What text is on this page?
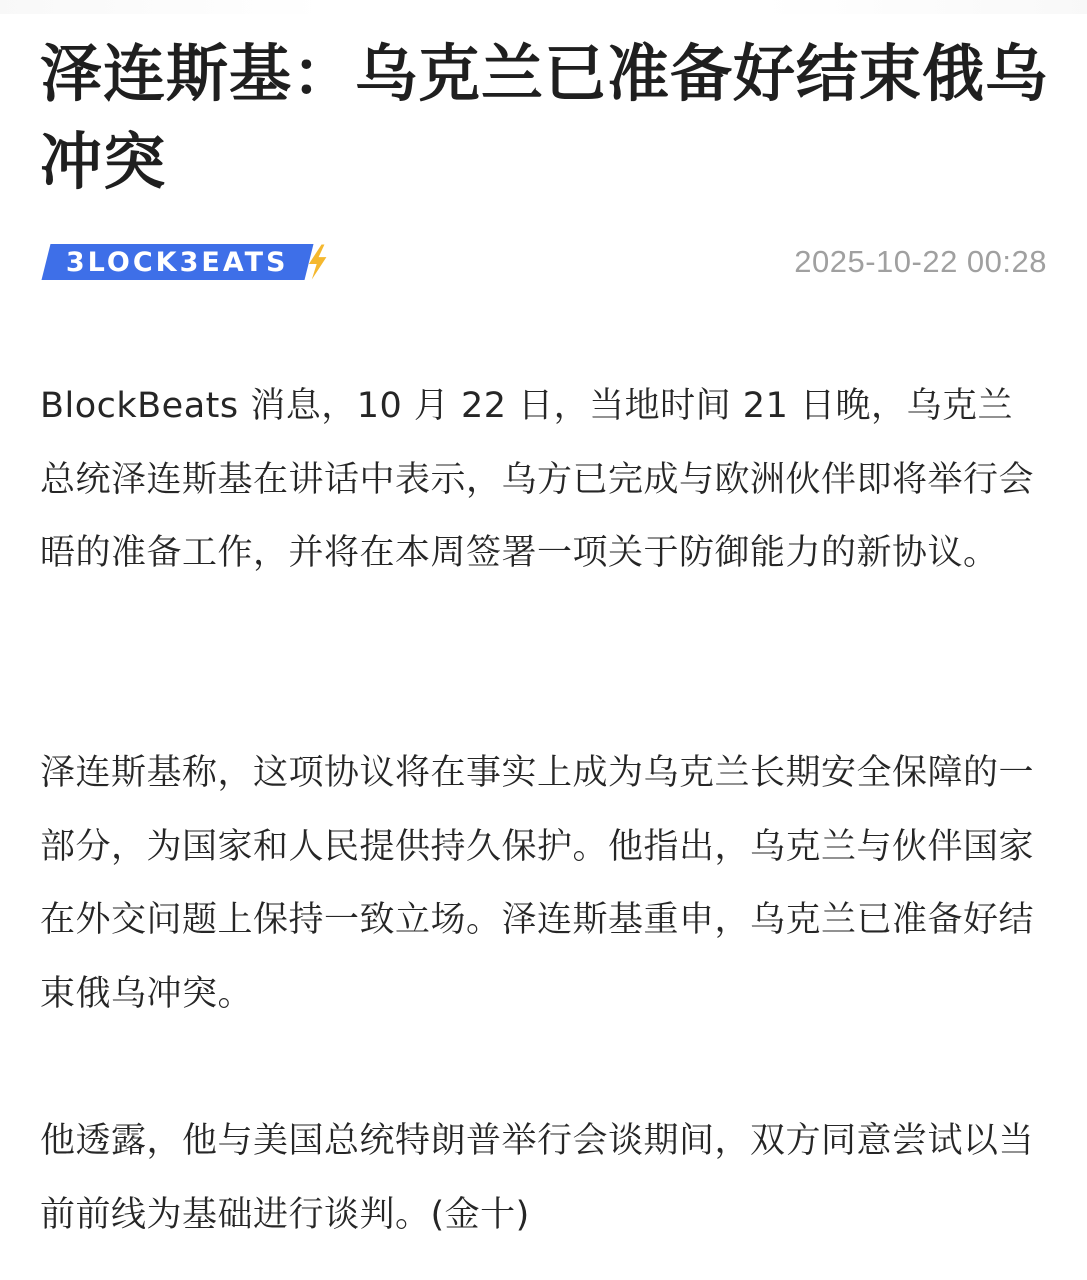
泽连斯基：乌克兰已准备好结束俄乌冲突
3LOCK3EATS	2025-10-22 00:28

BlockBeats 消息，10 月 22 日，当地时间 21 日晚，乌克兰总统泽连斯基在讲话中表示，乌方已完成与欧洲伙伴即将举行会晤的准备工作，并将在本周签署一项关于防御能力的新协议。

泽连斯基称，这项协议将在事实上成为乌克兰长期安全保障的一部分，为国家和人民提供持久保护。他指出，乌克兰与伙伴国家在外交问题上保持一致立场。泽连斯基重申，乌克兰已准备好结束俄乌冲突。

他透露，他与美国总统特朗普举行会谈期间，双方同意尝试以当前前线为基础进行谈判。(金十)
